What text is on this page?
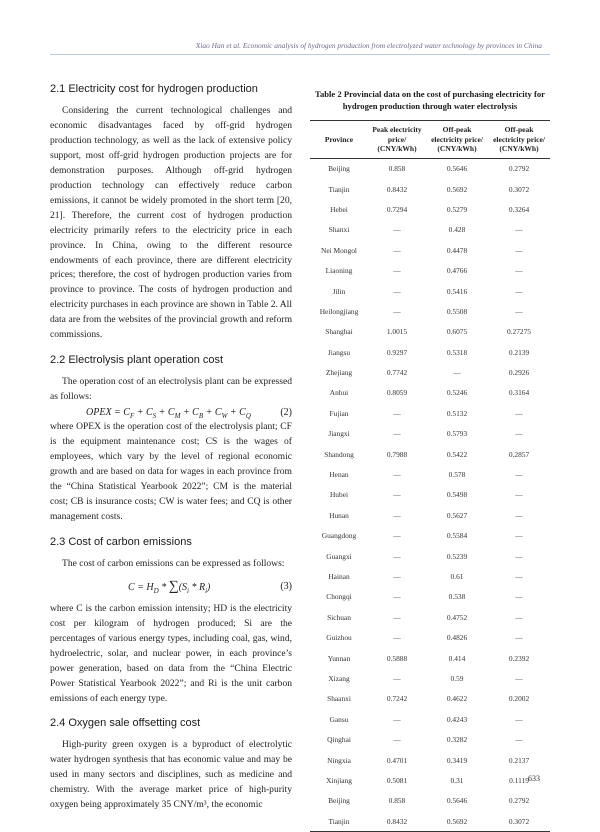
Xiao Han et al. Economic analysis of hydrogen production from electrolyzed water technology by provinces in China
2.1 Electricity cost for hydrogen production

Considering the current technological challenges and economic disadvantages faced by off-grid hydrogen production technology, as well as the lack of extensive policy support, most off-grid hydrogen production projects are for demonstration purposes. Although off-grid hydrogen production technology can effectively reduce carbon emissions, it cannot be widely promoted in the short term [20, 21]. Therefore, the current cost of hydrogen production electricity primarily refers to the electricity price in each province. In China, owing to the different resource endowments of each province, there are different electricity prices; therefore, the cost of hydrogen production varies from province to province. The costs of hydrogen production and electricity purchases in each province are shown in Table 2. All data are from the websites of the provincial growth and reform commissions.

2.2 Electrolysis plant operation cost

The operation cost of an electrolysis plant can be expressed as follows:

OPEX = $C_F + C_S + C_M + C_B + C_W + C_Q$	(2)

where OPEX is the operation cost of the electrolysis plant; CF is the equipment maintenance cost; CS is the wages of employees, which vary by the level of regional economic growth and are based on data for wages in each province from the “China Statistical Yearbook 2022”; CM is the material cost; CB is insurance costs; CW is water fees; and CQ is other management costs.

2.3 Cost of carbon emissions

The cost of carbon emissions can be expressed as follows:

$C = H_D * \sum(S_i * R_i)$	(3)

where C is the carbon emission intensity; HD is the electricity cost per kilogram of hydrogen produced; Si are the percentages of various energy types, including coal, gas, wind, hydroelectric, solar, and nuclear power, in each province’s power generation, based on data from the “China Electric Power Statistical Yearbook 2022”; and Ri is the unit carbon emissions of each energy type.

2.4 Oxygen sale offsetting cost

High-purity green oxygen is a byproduct of electrolytic water hydrogen synthesis that has economic value and may be used in many sectors and disciplines, such as medicine and chemistry. With the average market price of high-purity oxygen being approximately 35 CNY/m³, the economic

Table 2 Provincial data on the cost of purchasing electricity for hydrogen production through water electrolysis

Province	Peak electricity price/ (CNY/kWh)	Off-peak electricity price/ (CNY/kWh)	Off-peak electricity price/ (CNY/kWh)
Beijing	0.858	0.5646	0.2792
Tianjin	0.8432	0.5692	0.3072
Hebei	0.7294	0.5279	0.3264
Shanxi	—	0.428	—
Nei Mongol	—	0.4478	—
Liaoning	—	0.4766	—
Jilin	—	0.5416	—
Heilongjiang	—	0.5508	—
Shanghai	1.0015	0.6075	0.27275
Jiangsu	0.9297	0.5318	0.2139
Zhejiang	0.7742	—	0.2926
Anhui	0.8059	0.5246	0.3164
Fujian	—	0.5132	—
Jiangxi	—	0.5793	—
Shandong	0.7988	0.5422	0.2857
Henan	—	0.578	—
Hubei	—	0.5498	—
Hunan	—	0.5627	—
Guangdong	—	0.5584	—
Guangxi	—	0.5239	—
Hainan	—	0.61	—
Chongqi	—	0.538	—
Sichuan	—	0.4752	—
Guizhou	—	0.4826	—
Yunnan	0.5888	0.414	0.2392
Xizang	—	0.59	—
Shaanxi	0.7242	0.4622	0.2002
Gansu	—	0.4243	—
Qinghai	—	0.3282	—
Ningxia	0.4701	0.3419	0.2137
Xinjiang	0.5081	0.31	0.1119
Beijing	0.858	0.5646	0.2792
Tianjin	0.8432	0.5692	0.3072
633
